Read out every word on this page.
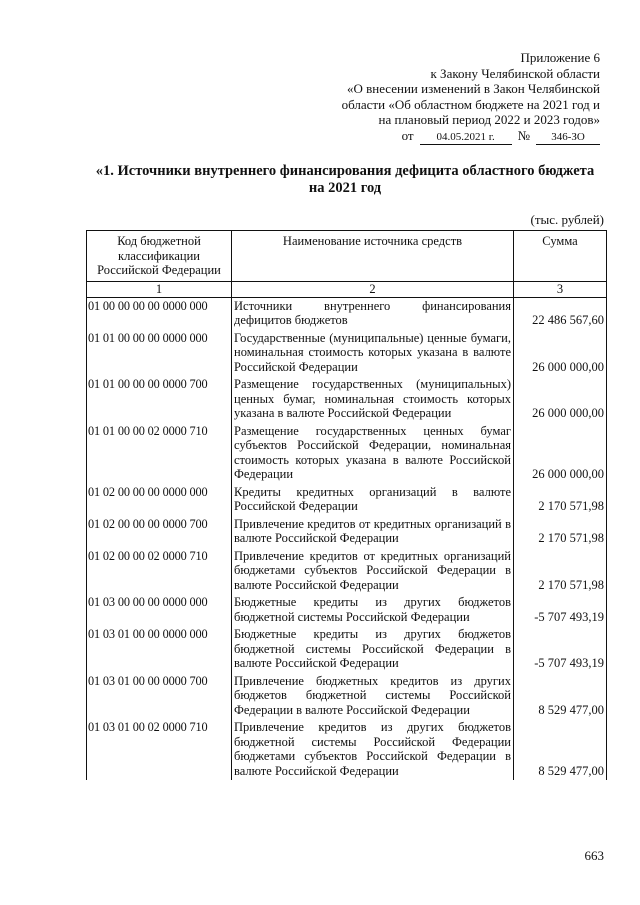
Приложение 6
к Закону Челябинской области
«О внесении изменений в Закон Челябинской
области «Об областном бюджете на 2021 год и
на плановый период 2022 и 2023 годов»
от	04.05.2021 г.	№	346-ЗО
«1. Источники внутреннего финансирования дефицита областного бюджета
на 2021 год
(тыс. рублей)
Код бюджетной классификации Российской Федерации	Наименование источника средств	Сумма
1	2	3
01 00 00 00 00 0000 000	Источники внутреннего финансирования дефицитов бюджетов	22 486 567,60
01 01 00 00 00 0000 000	Государственные (муниципальные) ценные бумаги, номинальная стоимость которых указана в валюте Российской Федерации	26 000 000,00
01 01 00 00 00 0000 700	Размещение государственных (муниципальных) ценных бумаг, номинальная стоимость которых указана в валюте Российской Федерации	26 000 000,00
01 01 00 00 02 0000 710	Размещение государственных ценных бумаг субъектов Российской Федерации, номинальная стоимость которых указана в валюте Российской Федерации	26 000 000,00
01 02 00 00 00 0000 000	Кредиты кредитных организаций в валюте Российской Федерации	2 170 571,98
01 02 00 00 00 0000 700	Привлечение кредитов от кредитных организаций в валюте Российской Федерации	2 170 571,98
01 02 00 00 02 0000 710	Привлечение кредитов от кредитных организаций бюджетами субъектов Российской Федерации в валюте Российской Федерации	2 170 571,98
01 03 00 00 00 0000 000	Бюджетные кредиты из других бюджетов бюджетной системы Российской Федерации	-5 707 493,19
01 03 01 00 00 0000 000	Бюджетные кредиты из других бюджетов бюджетной системы Российской Федерации в валюте Российской Федерации	-5 707 493,19
01 03 01 00 00 0000 700	Привлечение бюджетных кредитов из других бюджетов бюджетной системы Российской Федерации в валюте Российской Федерации	8 529 477,00
01 03 01 00 02 0000 710	Привлечение кредитов из других бюджетов бюджетной системы Российской Федерации бюджетами субъектов Российской Федерации в валюте Российской Федерации	8 529 477,00
663
